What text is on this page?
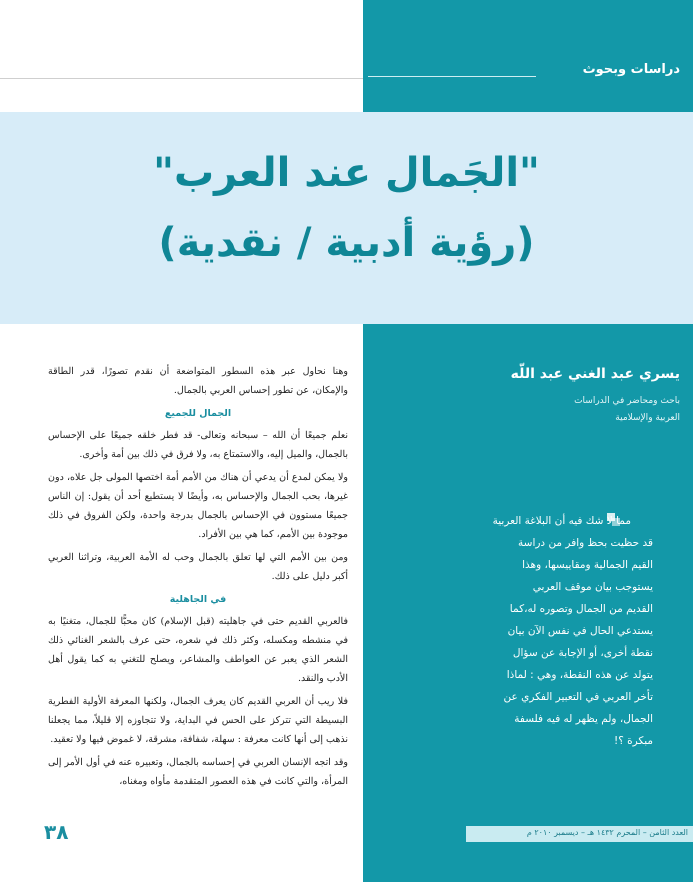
دراسات وبحوث
"الجَمال عند العرب"
(رؤية أدبية / نقدية)
يسري عبد الغني عبد اللّه
باحث ومحاضر في الدراسات
العربية والإسلامية
مما لا شك فيه أن البلاغة العربية
قد حظيت بحظ وافر من دراسة
القيم الجمالية ومقاييسها، وهذا
يستوجب بيان موقف العربي
القديم من الجمال وتصوره له،كما
يستدعي الحال في نفس الآن بيان
نقطة أخرى، أو الإجابة عن سؤال
يتولد عن هذه النقطة، وهي : لماذا
تأخر العربي في التعبير الفكري عن
الجمال، ولم يظهر له فيه فلسفة
مبكرة ؟!

وهنا نحاول عبر هذه السطور المتواضعة أن نقدم تصورًا، قدر الطاقة والإمكان، عن تطور إحساس العربي بالجمال.

الجمال للجميع

نعلم جميعًا أن الله – سبحانه وتعالى- قد فطر خلقه جميعًا على الإحساس بالجمال، والميل إليه، والاستمتاع به، ولا فرق في ذلك بين أمة وأخرى.

ولا يمكن لمدع أن يدعي أن هناك من الأمم أمة اختصها المولى جل علاه، دون غيرها، بحب الجمال والإحساس به، وأيضًا لا يستطيع أحد أن يقول: إن الناس جميعًا مستوون في الإحساس بالجمال بدرجة واحدة، ولكن الفروق في ذلك موجودة بين الأمم، كما هي بين الأفراد.

ومن بين الأمم التي لها تعلق بالجمال وحب له الأمة العربية، وتراثنا العربي أكبر دليل على ذلك.

في الجاهلية

فالعربي القديم حتى في جاهليته (قبل الإسلام) كان محبًّا للجمال، متغنيًا به في منشطه ومكسله، وكثر ذلك في شعره، حتى عرف بالشعر الغنائي ذلك الشعر الذي يعبر عن العواطف والمشاعر، ويصلح للتغني به كما يقول أهل الأدب والنقد.

فلا ريب أن العربي القديم كان يعرف الجمال، ولكنها المعرفة الأولية الفطرية البسيطة التي تتركز على الحس في البداية، ولا تتجاوزه إلا قليلاً، مما يجعلنا نذهب إلى أنها كانت معرفة : سهلة، شفافة، مشرقة، لا غموض فيها ولا تعقيد.

وقد اتجه الإنسان العربي في إحساسه بالجمال، وتعبيره عنه في أول الأمر إلى المرأة، والتي كانت في هذه العصور المتقدمة مأواه ومغناه،

٣٨	العدد الثامن – المحرم ١٤٣٢ هـ – ديسمبر ٢٠١٠ م
